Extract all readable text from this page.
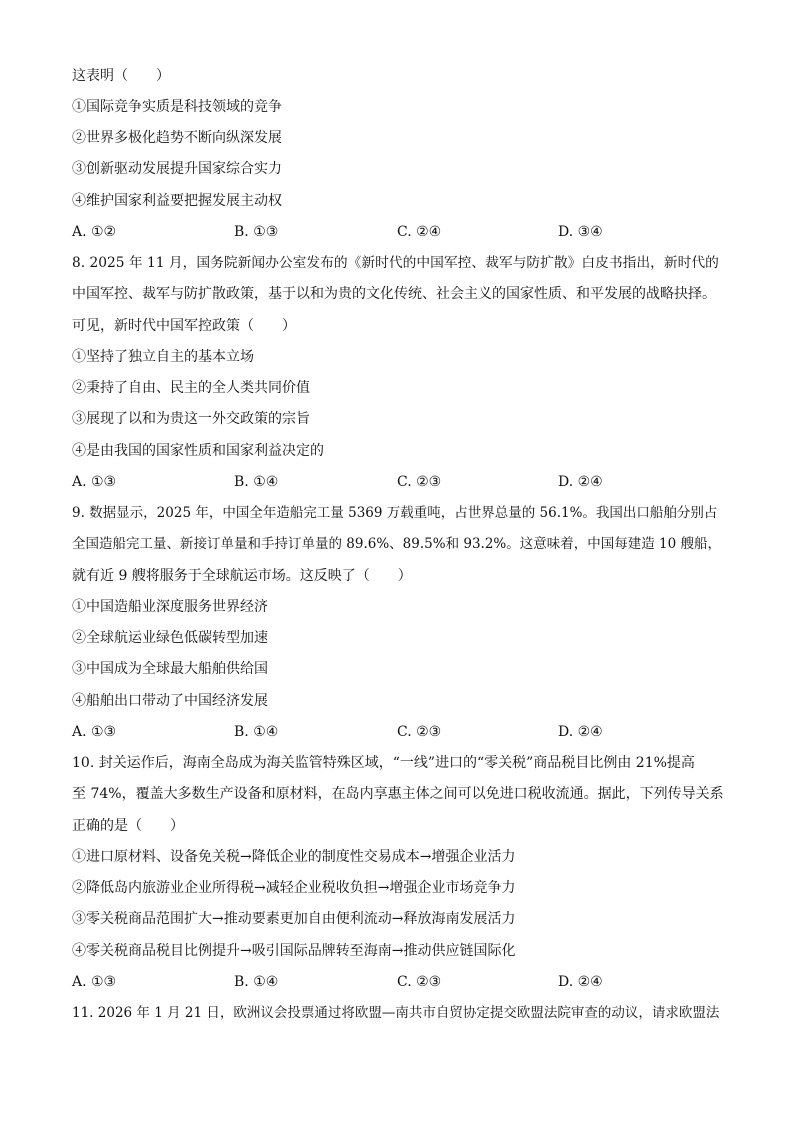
这表明（　　）
①国际竞争实质是科技领域的竞争
②世界多极化趋势不断向纵深发展
③创新驱动发展提升国家综合实力
④维护国家利益要把握发展主动权
A. ①②	B. ①③	C. ②④	D. ③④
8. 2025 年 11 月，国务院新闻办公室发布的《新时代的中国军控、裁军与防扩散》白皮书指出，新时代的
中国军控、裁军与防扩散政策，基于以和为贵的文化传统、社会主义的国家性质、和平发展的战略抉择。
可见，新时代中国军控政策（　　）
①坚持了独立自主的基本立场
②秉持了自由、民主的全人类共同价值
③展现了以和为贵这一外交政策的宗旨
④是由我国的国家性质和国家利益决定的
A. ①③	B. ①④	C. ②③	D. ②④
9. 数据显示，2025 年，中国全年造船完工量 5369 万载重吨，占世界总量的 56.1%。我国出口船舶分别占
全国造船完工量、新接订单量和手持订单量的 89.6%、89.5%和 93.2%。这意味着，中国每建造 10 艘船，
就有近 9 艘将服务于全球航运市场。这反映了（　　）
①中国造船业深度服务世界经济
②全球航运业绿色低碳转型加速
③中国成为全球最大船舶供给国
④船舶出口带动了中国经济发展
A. ①③	B. ①④	C. ②③	D. ②④
10. 封关运作后，海南全岛成为海关监管特殊区域，“一线”进口的“零关税”商品税目比例由 21%提高
至 74%，覆盖大多数生产设备和原材料，在岛内享惠主体之间可以免进口税收流通。据此，下列传导关系
正确的是（　　）
①进口原材料、设备免关税→降低企业的制度性交易成本→增强企业活力
②降低岛内旅游业企业所得税→减轻企业税收负担→增强企业市场竞争力
③零关税商品范围扩大→推动要素更加自由便利流动→释放海南发展活力
④零关税商品税目比例提升→吸引国际品牌转至海南→推动供应链国际化
A. ①③	B. ①④	C. ②③	D. ②④
11. 2026 年 1 月 21 日，欧洲议会投票通过将欧盟—南共市自贸协定提交欧盟法院审查的动议，请求欧盟法
